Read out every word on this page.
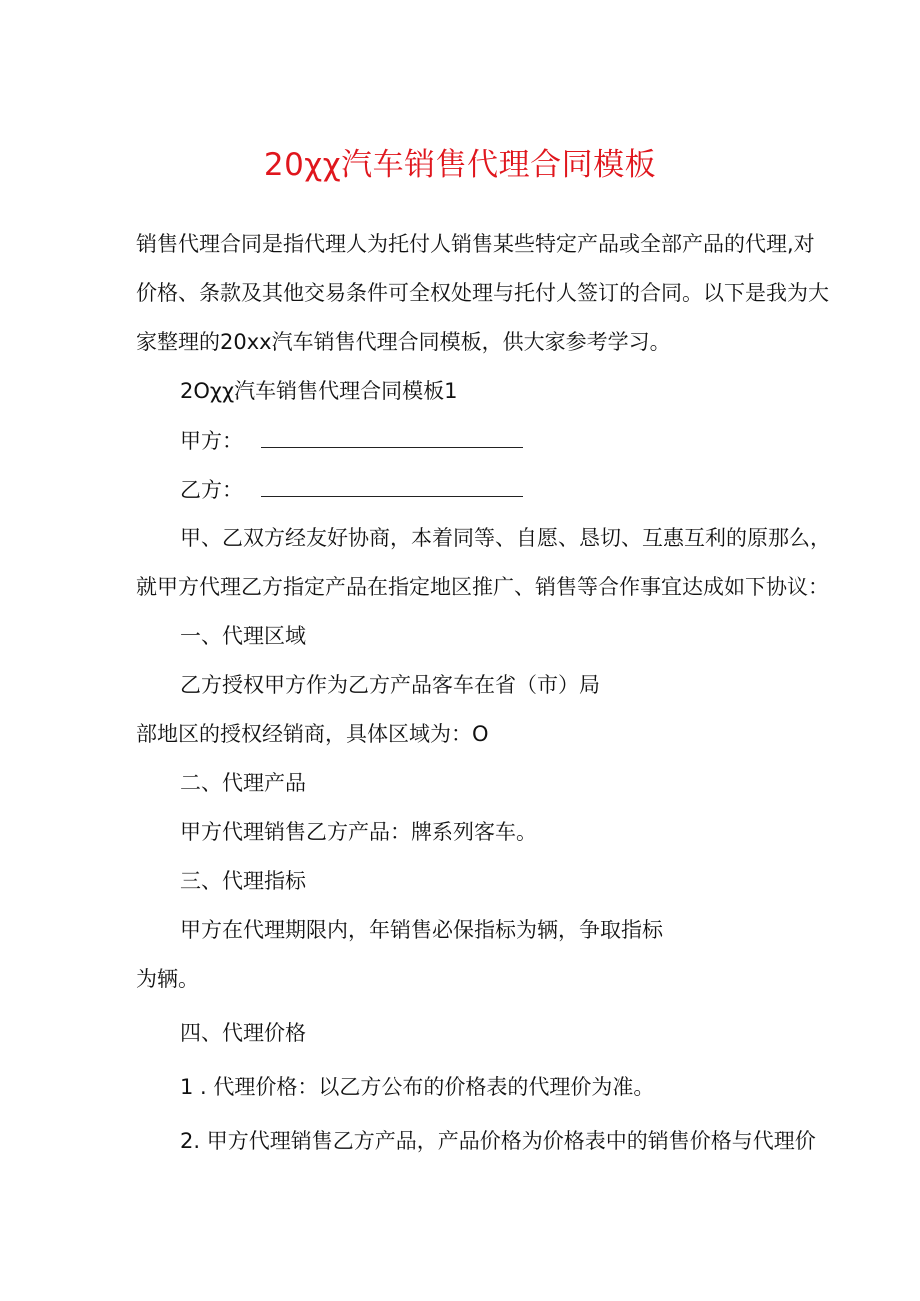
20χχ汽车销售代理合同模板
销售代理合同是指代理人为托付人销售某些特定产品或全部产品的代理,对
价格、条款及其他交易条件可全权处理与托付人签订的合同。以下是我为大
家整理的20xx汽车销售代理合同模板，供大家参考学习。
2Oχχ汽车销售代理合同模板1
甲方：
乙方：
甲、乙双方经友好协商，本着同等、自愿、恳切、互惠互利的原那么，
就甲方代理乙方指定产品在指定地区推广、销售等合作事宜达成如下协议：
一、代理区域
乙方授权甲方作为乙方产品客车在省（市）局
部地区的授权经销商，具体区域为：O
二、代理产品
甲方代理销售乙方产品：牌系列客车。
三、代理指标
甲方在代理期限内，年销售必保指标为辆，争取指标
为辆。
四、代理价格
1 . 代理价格：以乙方公布的价格表的代理价为准。
2. 甲方代理销售乙方产品，产品价格为价格表中的销售价格与代理价
